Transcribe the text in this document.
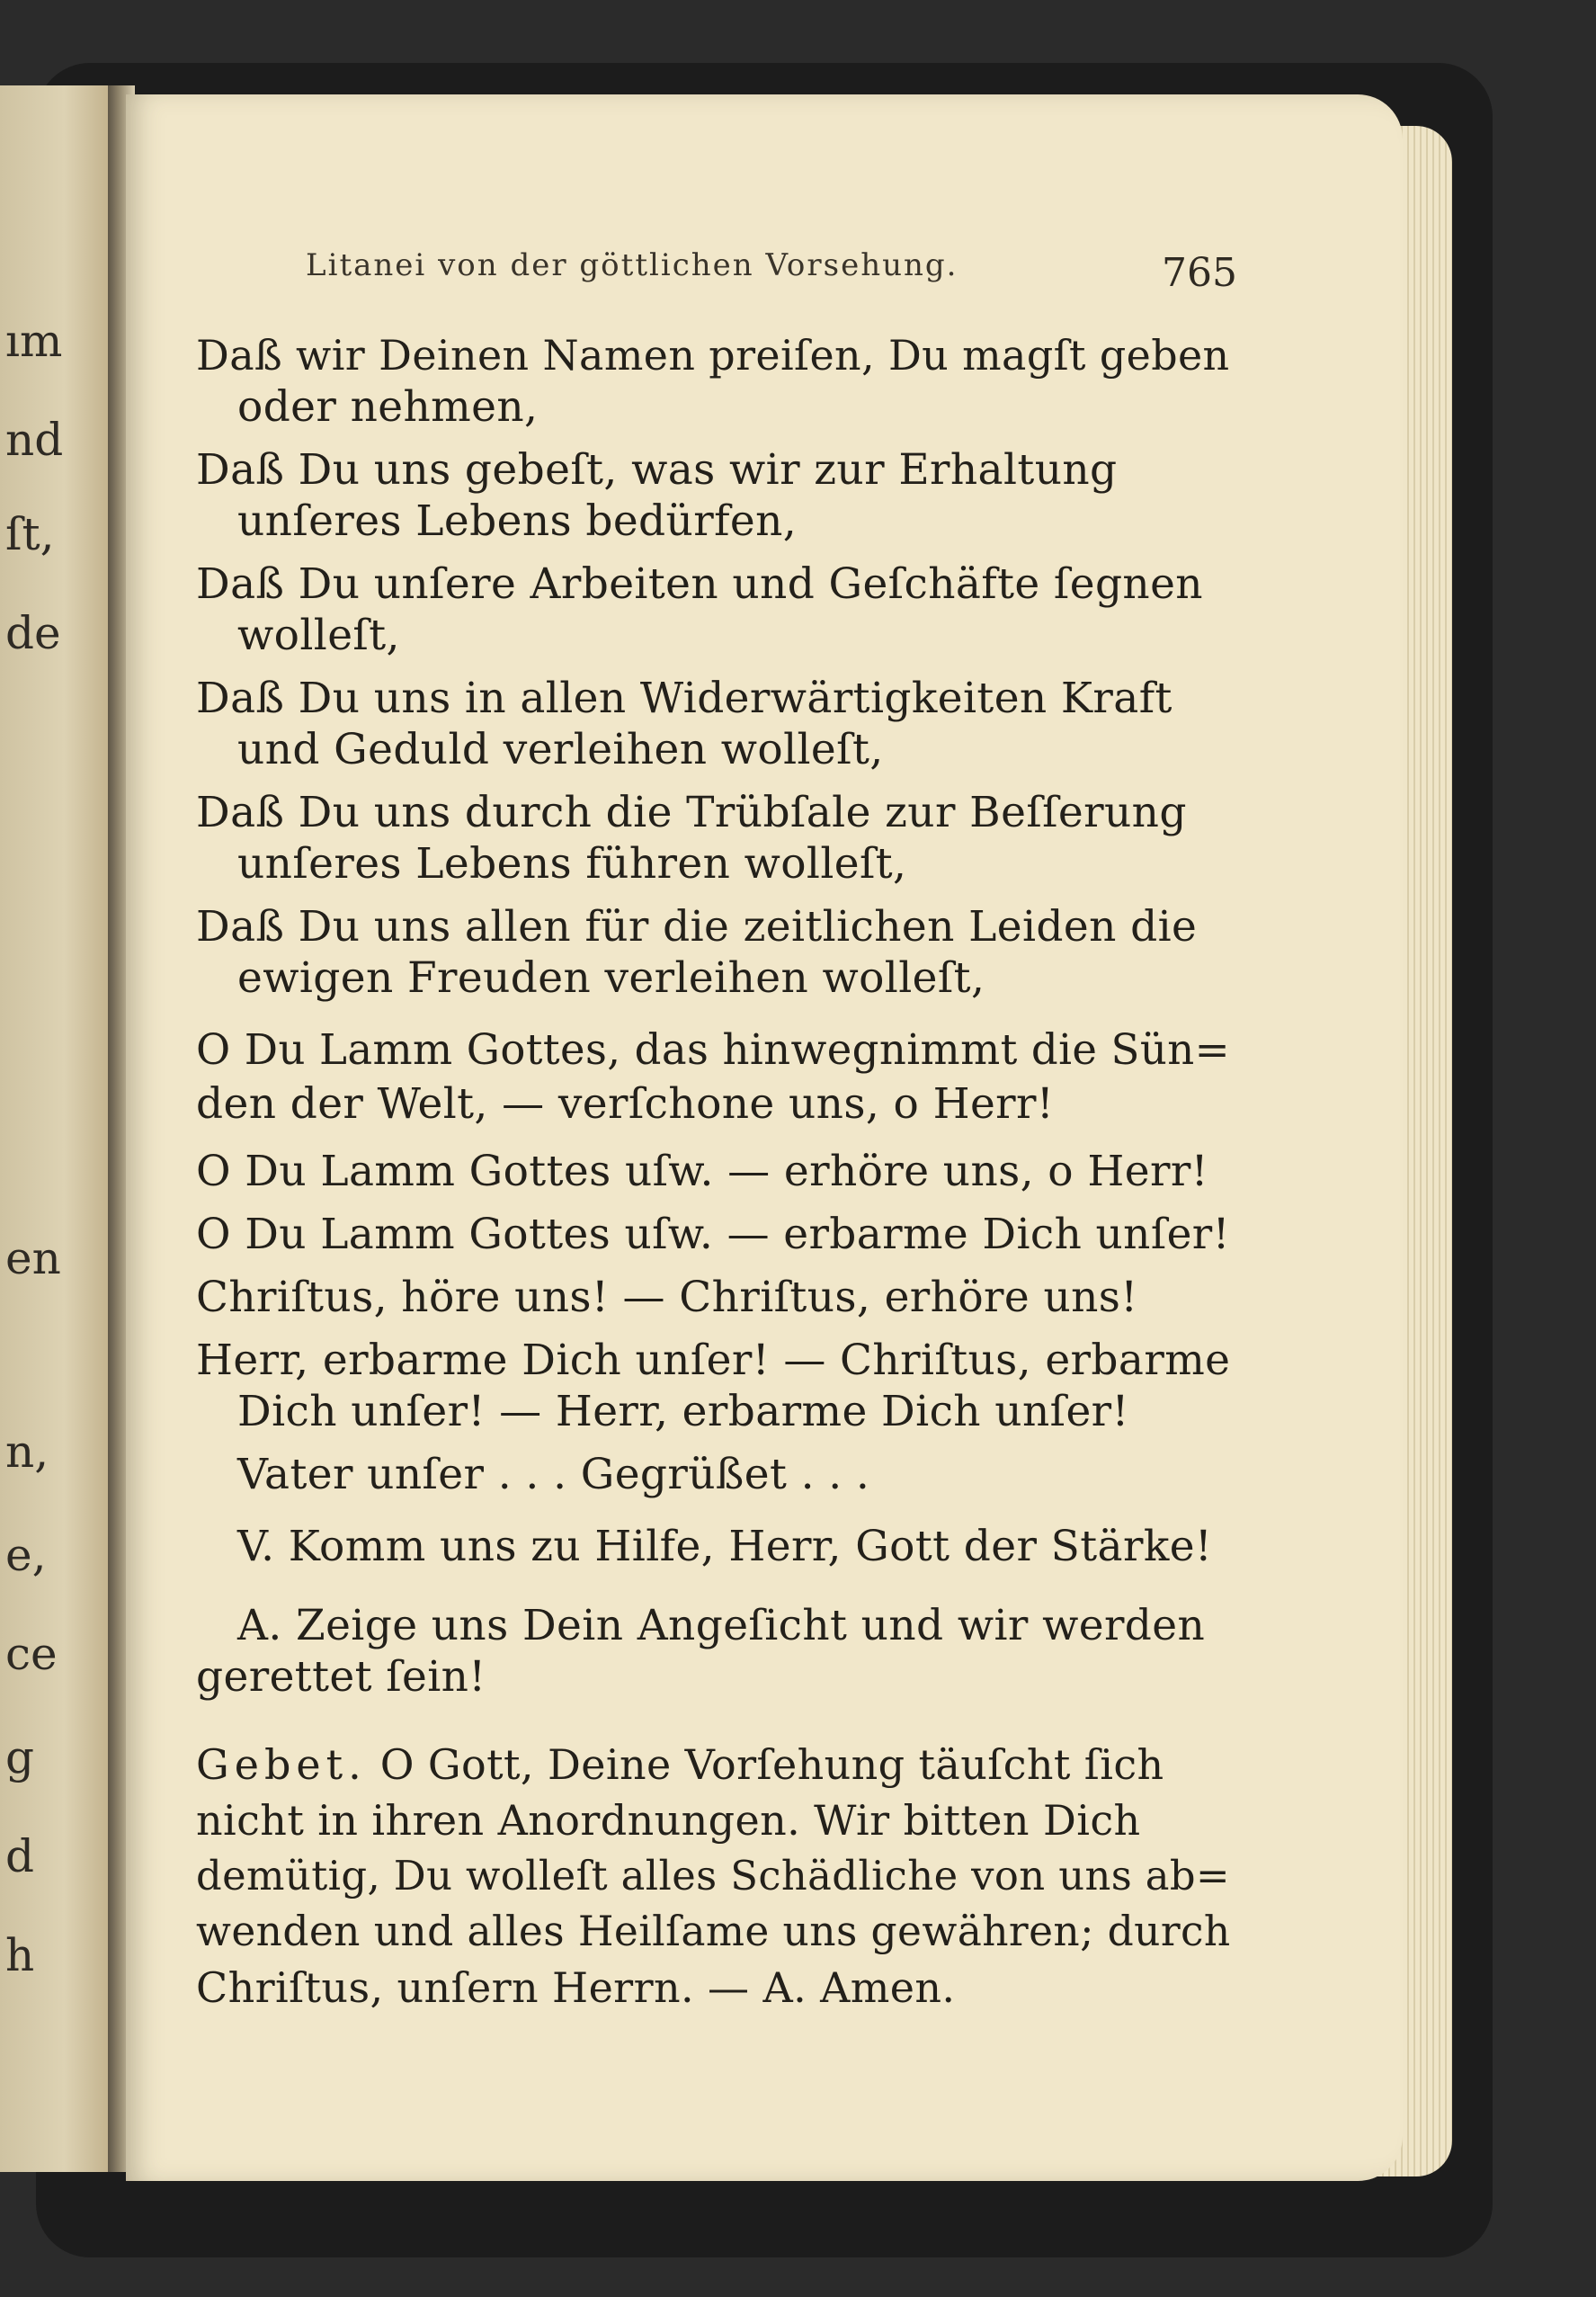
ım
nd
ſt,
de
en
n,
e,
ce
g
d
h
Litanei von der göttlichen Vorsehung.	765
Daß wir Deinen Namen preiſen, Du magſt geben
oder nehmen,
Daß Du uns gebeſt, was wir zur Erhaltung
unſeres Lebens bedürfen,
Daß Du unſere Arbeiten und Geſchäfte ſegnen
wolleſt,
Daß Du uns in allen Widerwärtigkeiten Kraft
und Geduld verleihen wolleſt,
Daß Du uns durch die Trübſale zur Beſſerung
unſeres Lebens führen wolleſt,
Daß Du uns allen für die zeitlichen Leiden die
ewigen Freuden verleihen wolleſt,
O Du Lamm Gottes, das hinwegnimmt die Sün=
den der Welt, — verſchone uns, o Herr!
O Du Lamm Gottes uſw. — erhöre uns, o Herr!
O Du Lamm Gottes uſw. — erbarme Dich unſer!
Chriſtus, höre uns! — Chriſtus, erhöre uns!
Herr, erbarme Dich unſer! — Chriſtus, erbarme
Dich unſer! — Herr, erbarme Dich unſer!
Vater unſer . . . Gegrüßet . . .
V. Komm uns zu Hilfe, Herr, Gott der Stärke!
A. Zeige uns Dein Angeſicht und wir werden
gerettet ſein!
Gebet. O Gott, Deine Vorſehung täuſcht ſich
nicht in ihren Anordnungen. Wir bitten Dich
demütig, Du wolleſt alles Schädliche von uns ab=
wenden und alles Heilſame uns gewähren; durch
Chriſtus, unſern Herrn. — A. Amen.
